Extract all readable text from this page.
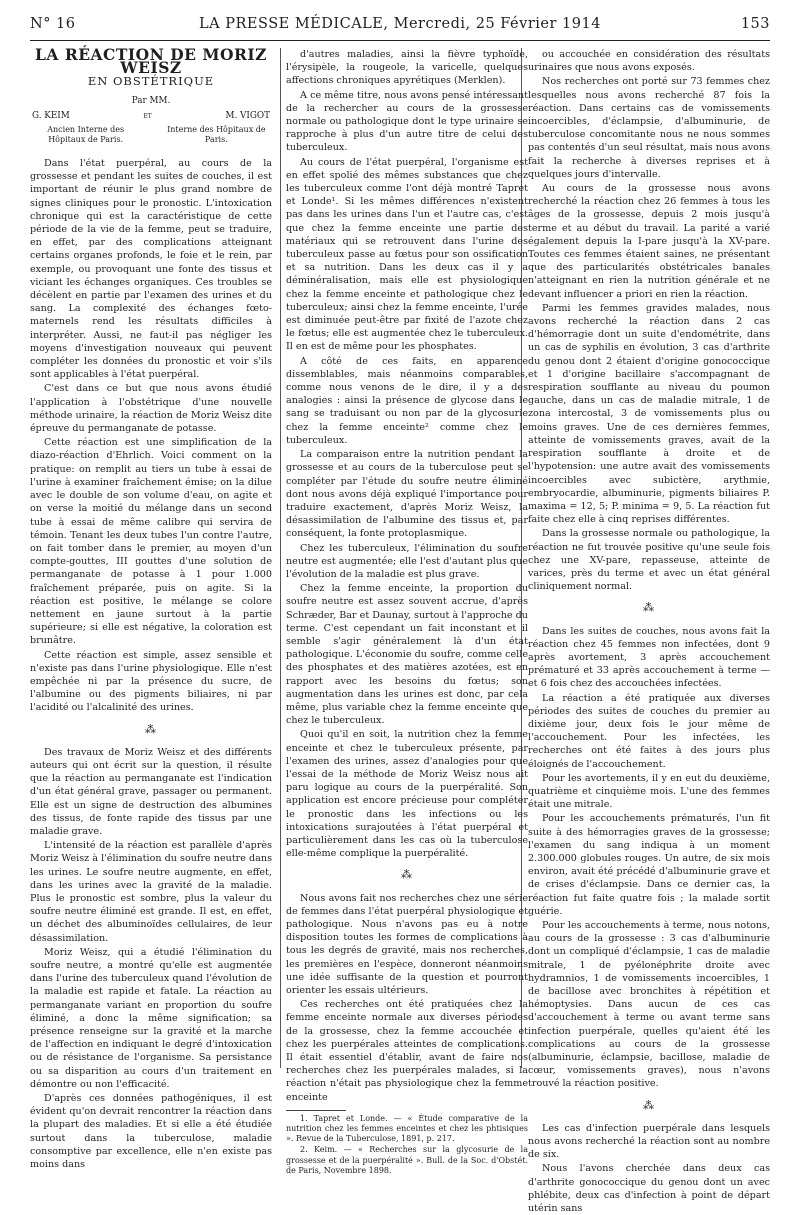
N° 16	LA PRESSE MÉDICALE, Mercredi, 25 Février 1914	153

LA RÉACTION DE MORIZ WEISZ

EN OBSTÉTRIQUE
Par MM.
G. KEIM	et	M. VIGOT
Ancien Interne des Hôpitaux de Paris.
Interne des Hôpitaux de Paris.

Dans l'état puerpéral, au cours de la grossesse et pendant les suites de couches, il est important de réunir le plus grand nombre de signes cliniques pour le pronostic. L'intoxication chronique qui est la caractéristique de cette période de la vie de la femme, peut se traduire, en effet, par des complications atteignant certains organes profonds, le foie et le rein, par exemple, ou provoquant une fonte des tissus et viciant les échanges organiques. Ces troubles se décèlent en partie par l'examen des urines et du sang. La complexité des échanges fœto-maternels rend les résultats difficiles à interpréter. Aussi, ne faut-il pas négliger les moyens d'investigation nouveaux qui peuvent compléter les données du pronostic et voir s'ils sont applicables à l'état puerpéral.

C'est dans ce but que nous avons étudié l'application à l'obstétrique d'une nouvelle méthode urinaire, la réaction de Moriz Weisz dite épreuve du permanganate de potasse.

Cette réaction est une simplification de la diazo-réaction d'Ehrlich. Voici comment on la pratique: on remplit au tiers un tube à essai de l'urine à examiner fraîchement émise; on la dilue avec le double de son volume d'eau, on agite et on verse la moitié du mélange dans un second tube à essai de même calibre qui servira de témoin. Tenant les deux tubes l'un contre l'autre, on fait tomber dans le premier, au moyen d'un compte-gouttes, III gouttes d'une solution de permanganate de potasse à 1 pour 1.000 fraîchement préparée, puis on agite. Si la réaction est positive, le mélange se colore nettement en jaune surtout à la partie supérieure; si elle est négative, la coloration est brunâtre.

Cette réaction est simple, assez sensible et n'existe pas dans l'urine physiologique. Elle n'est empêchée ni par la présence du sucre, de l'albumine ou des pigments biliaires, ni par l'acidité ou l'alcalinité des urines.

⁂

Des travaux de Moriz Weisz et des différents auteurs qui ont écrit sur la question, il résulte que la réaction au permanganate est l'indication d'un état général grave, passager ou permanent. Elle est un signe de destruction des albumines des tissus, de fonte rapide des tissus par une maladie grave.

L'intensité de la réaction est parallèle d'après Moriz Weisz à l'élimination du soufre neutre dans les urines. Le soufre neutre augmente, en effet, dans les urines avec la gravité de la maladie. Plus le pronostic est sombre, plus la valeur du soufre neutre éliminé est grande. Il est, en effet, un déchet des albuminoïdes cellulaires, de leur désassimilation.

Moriz Weisz, qui a étudié l'élimination du soufre neutre, a montré qu'elle est augmentée dans l'urine des tuberculeux quand l'évolution de la maladie est rapide et fatale. La réaction au permanganate variant en proportion du soufre éliminé, a donc la même signification; sa présence renseigne sur la gravité et la marche de l'affection en indiquant le degré d'intoxication ou de résistance de l'organisme. Sa persistance ou sa disparition au cours d'un traitement en démontre ou non l'efficacité.

D'après ces données pathogéniques, il est évident qu'on devrait rencontrer la réaction dans la plupart des maladies. Et si elle a été étudiée surtout dans la tuberculose, maladie consomptive par excellence, elle n'en existe pas moins dans

d'autres maladies, ainsi la fièvre typhoïde, l'érysipèle, la rougeole, la varicelle, quelques affections chroniques apyrétiques (Merklen).

A ce même titre, nous avons pensé intéressant de la rechercher au cours de la grossesse normale ou pathologique dont le type urinaire se rapproche à plus d'un autre titre de celui des tuberculeux.

Au cours de l'état puerpéral, l'organisme est en effet spolié des mêmes substances que chez les tuberculeux comme l'ont déjà montré Tapret et Londe¹. Si les mêmes différences n'existent pas dans les urines dans l'un et l'autre cas, c'est que chez la femme enceinte une partie des matériaux qui se retrouvent dans l'urine des tuberculeux passe au fœtus pour son ossification et sa nutrition. Dans les deux cas il y a déminéralisation, mais elle est physiologique chez la femme enceinte et pathologique chez le tuberculeux; ainsi chez la femme enceinte, l'urée est diminuée peut-être par fixité de l'azote chez le fœtus; elle est augmentée chez le tuberculeux. Il en est de même pour les phosphates.

A côté de ces faits, en apparence dissemblables, mais néanmoins comparables, comme nous venons de le dire, il y a des analogies : ainsi la présence de glycose dans le sang se traduisant ou non par de la glycosurie chez la femme enceinte² comme chez le tuberculeux.

La comparaison entre la nutrition pendant la grossesse et au cours de la tuberculose peut se compléter par l'étude du soufre neutre éliminé dont nous avons déjà expliqué l'importance pour traduire exactement, d'après Moriz Weisz, la désassimilation de l'albumine des tissus et, par conséquent, la fonte protoplasmique.

Chez les tuberculeux, l'élimination du soufre neutre est augmentée; elle l'est d'autant plus que l'évolution de la maladie est plus grave.

Chez la femme enceinte, la proportion du soufre neutre est assez souvent accrue, d'après Schræder, Bar et Daunay, surtout à l'approche du terme. C'est cependant un fait inconstant et il semble s'agir généralement là d'un état pathologique. L'économie du soufre, comme celle des phosphates et des matières azotées, est en rapport avec les besoins du fœtus; son augmentation dans les urines est donc, par cela même, plus variable chez la femme enceinte que chez le tuberculeux.

Quoi qu'il en soit, la nutrition chez la femme enceinte et chez le tuberculeux présente, par l'examen des urines, assez d'analogies pour que l'essai de la méthode de Moriz Weisz nous ait paru logique au cours de la puerpéralité. Son application est encore précieuse pour compléter le pronostic dans les infections ou les intoxications surajoutées à l'état puerpéral et particulièrement dans les cas où la tuberculose elle-même complique la puerpéralité.

⁂

Nous avons fait nos recherches chez une série de femmes dans l'état puerpéral physiologique et pathologique. Nous n'avons pas eu à notre disposition toutes les formes de complications à tous les degrés de gravité, mais nos recherches, les premières en l'espèce, donneront néanmoins une idée suffisante de la question et pourront orienter les essais ultérieurs.

Ces recherches ont été pratiquées chez la femme enceinte normale aux diverses périodes de la grossesse, chez la femme accouchée et chez les puerpérales atteintes de complications. Il était essentiel d'établir, avant de faire nos recherches chez les puerpérales malades, si la réaction n'était pas physiologique chez la femme enceinte

1. Tapret et Londe. — « Étude comparative de la nutrition chez les femmes enceintes et chez les phtisiques ». Revue de la Tuberculose, 1891, p. 217.

2. Keim. — « Recherches sur la glycosurie de la grossesse et de la puerpéralité ». Bull. de la Soc. d'Obstét. de Paris, Novembre 1898.

ou accouchée en considération des résultats urinaires que nous avons exposés.

Nos recherches ont porté sur 73 femmes chez lesquelles nous avons recherché 87 fois la réaction. Dans certains cas de vomissements incoercibles, d'éclampsie, d'albuminurie, de tuberculose concomitante nous ne nous sommes pas contentés d'un seul résultat, mais nous avons fait la recherche à diverses reprises et à quelques jours d'intervalle.

Au cours de la grossesse nous avons recherché la réaction chez 26 femmes à tous les âges de la grossesse, depuis 2 mois jusqu'à terme et au début du travail. La parité a varié également depuis la I-pare jusqu'à la XV-pare. Toutes ces femmes étaient saines, ne présentant que des particularités obstétricales banales n'atteignant en rien la nutrition générale et ne devant influencer a priori en rien la réaction.

Parmi les femmes gravides malades, nous avons recherché la réaction dans 2 cas d'hémorragie dont un suite d'endométrite, dans un cas de syphilis en évolution, 3 cas d'arthrite du genou dont 2 étaient d'origine gonococcique et 1 d'origine bacillaire s'accompagnant de respiration soufflante au niveau du poumon gauche, dans un cas de maladie mitrale, 1 de zona intercostal, 3 de vomissements plus ou moins graves. Une de ces dernières femmes, atteinte de vomissements graves, avait de la respiration soufflante à droite et de l'hypotension: une autre avait des vomissements incoercibles avec subictère, arythmie, embryocardie, albuminurie, pigments biliaires P. maxima = 12, 5; P. minima = 9, 5. La réaction fut faite chez elle à cinq reprises différentes.

Dans la grossesse normale ou pathologique, la réaction ne fut trouvée positive qu'une seule fois chez une XV-pare, repasseuse, atteinte de varices, près du terme et avec un état général cliniquement normal.

⁂

Dans les suites de couches, nous avons fait la réaction chez 45 femmes non infectées, dont 9 après avortement, 3 après accouchement prématuré et 33 après accouchement à terme — et 6 fois chez des accouchées infectées.

La réaction a été pratiquée aux diverses périodes des suites de couches du premier au dixième jour, deux fois le jour même de l'accouchement. Pour les infectées, les recherches ont été faites à des jours plus éloignés de l'accouchement.

Pour les avortements, il y en eut du deuxième, quatrième et cinquième mois. L'une des femmes était une mitrale.

Pour les accouchements prématurés, l'un fit suite à des hémorragies graves de la grossesse; l'examen du sang indiqua à un moment 2.300.000 globules rouges. Un autre, de six mois environ, avait été précédé d'albuminurie grave et de crises d'éclampsie. Dans ce dernier cas, la réaction fut faite quatre fois ; la malade sortit guérie.

Pour les accouchements à terme, nous notons, au cours de la grossesse : 3 cas d'albuminurie dont un compliqué d'éclampsie, 1 cas de maladie mitrale, 1 de pyélonéphrite droite avec hydramnios, 1 de vomissements incoercibles, 1 de bacillose avec bronchites à répétition et hémoptysies. Dans aucun de ces cas d'accouchement à terme ou avant terme sans infection puerpérale, quelles qu'aient été les complications au cours de la grossesse (albuminurie, éclampsie, bacillose, maladie de cœur, vomissements graves), nous n'avons trouvé la réaction positive.

⁂

Les cas d'infection puerpérale dans lesquels nous avons recherché la réaction sont au nombre de six.

Nous l'avons cherchée dans deux cas d'arthrite gonococcique du genou dont un avec phlébite, deux cas d'infection à point de départ utérin sans
